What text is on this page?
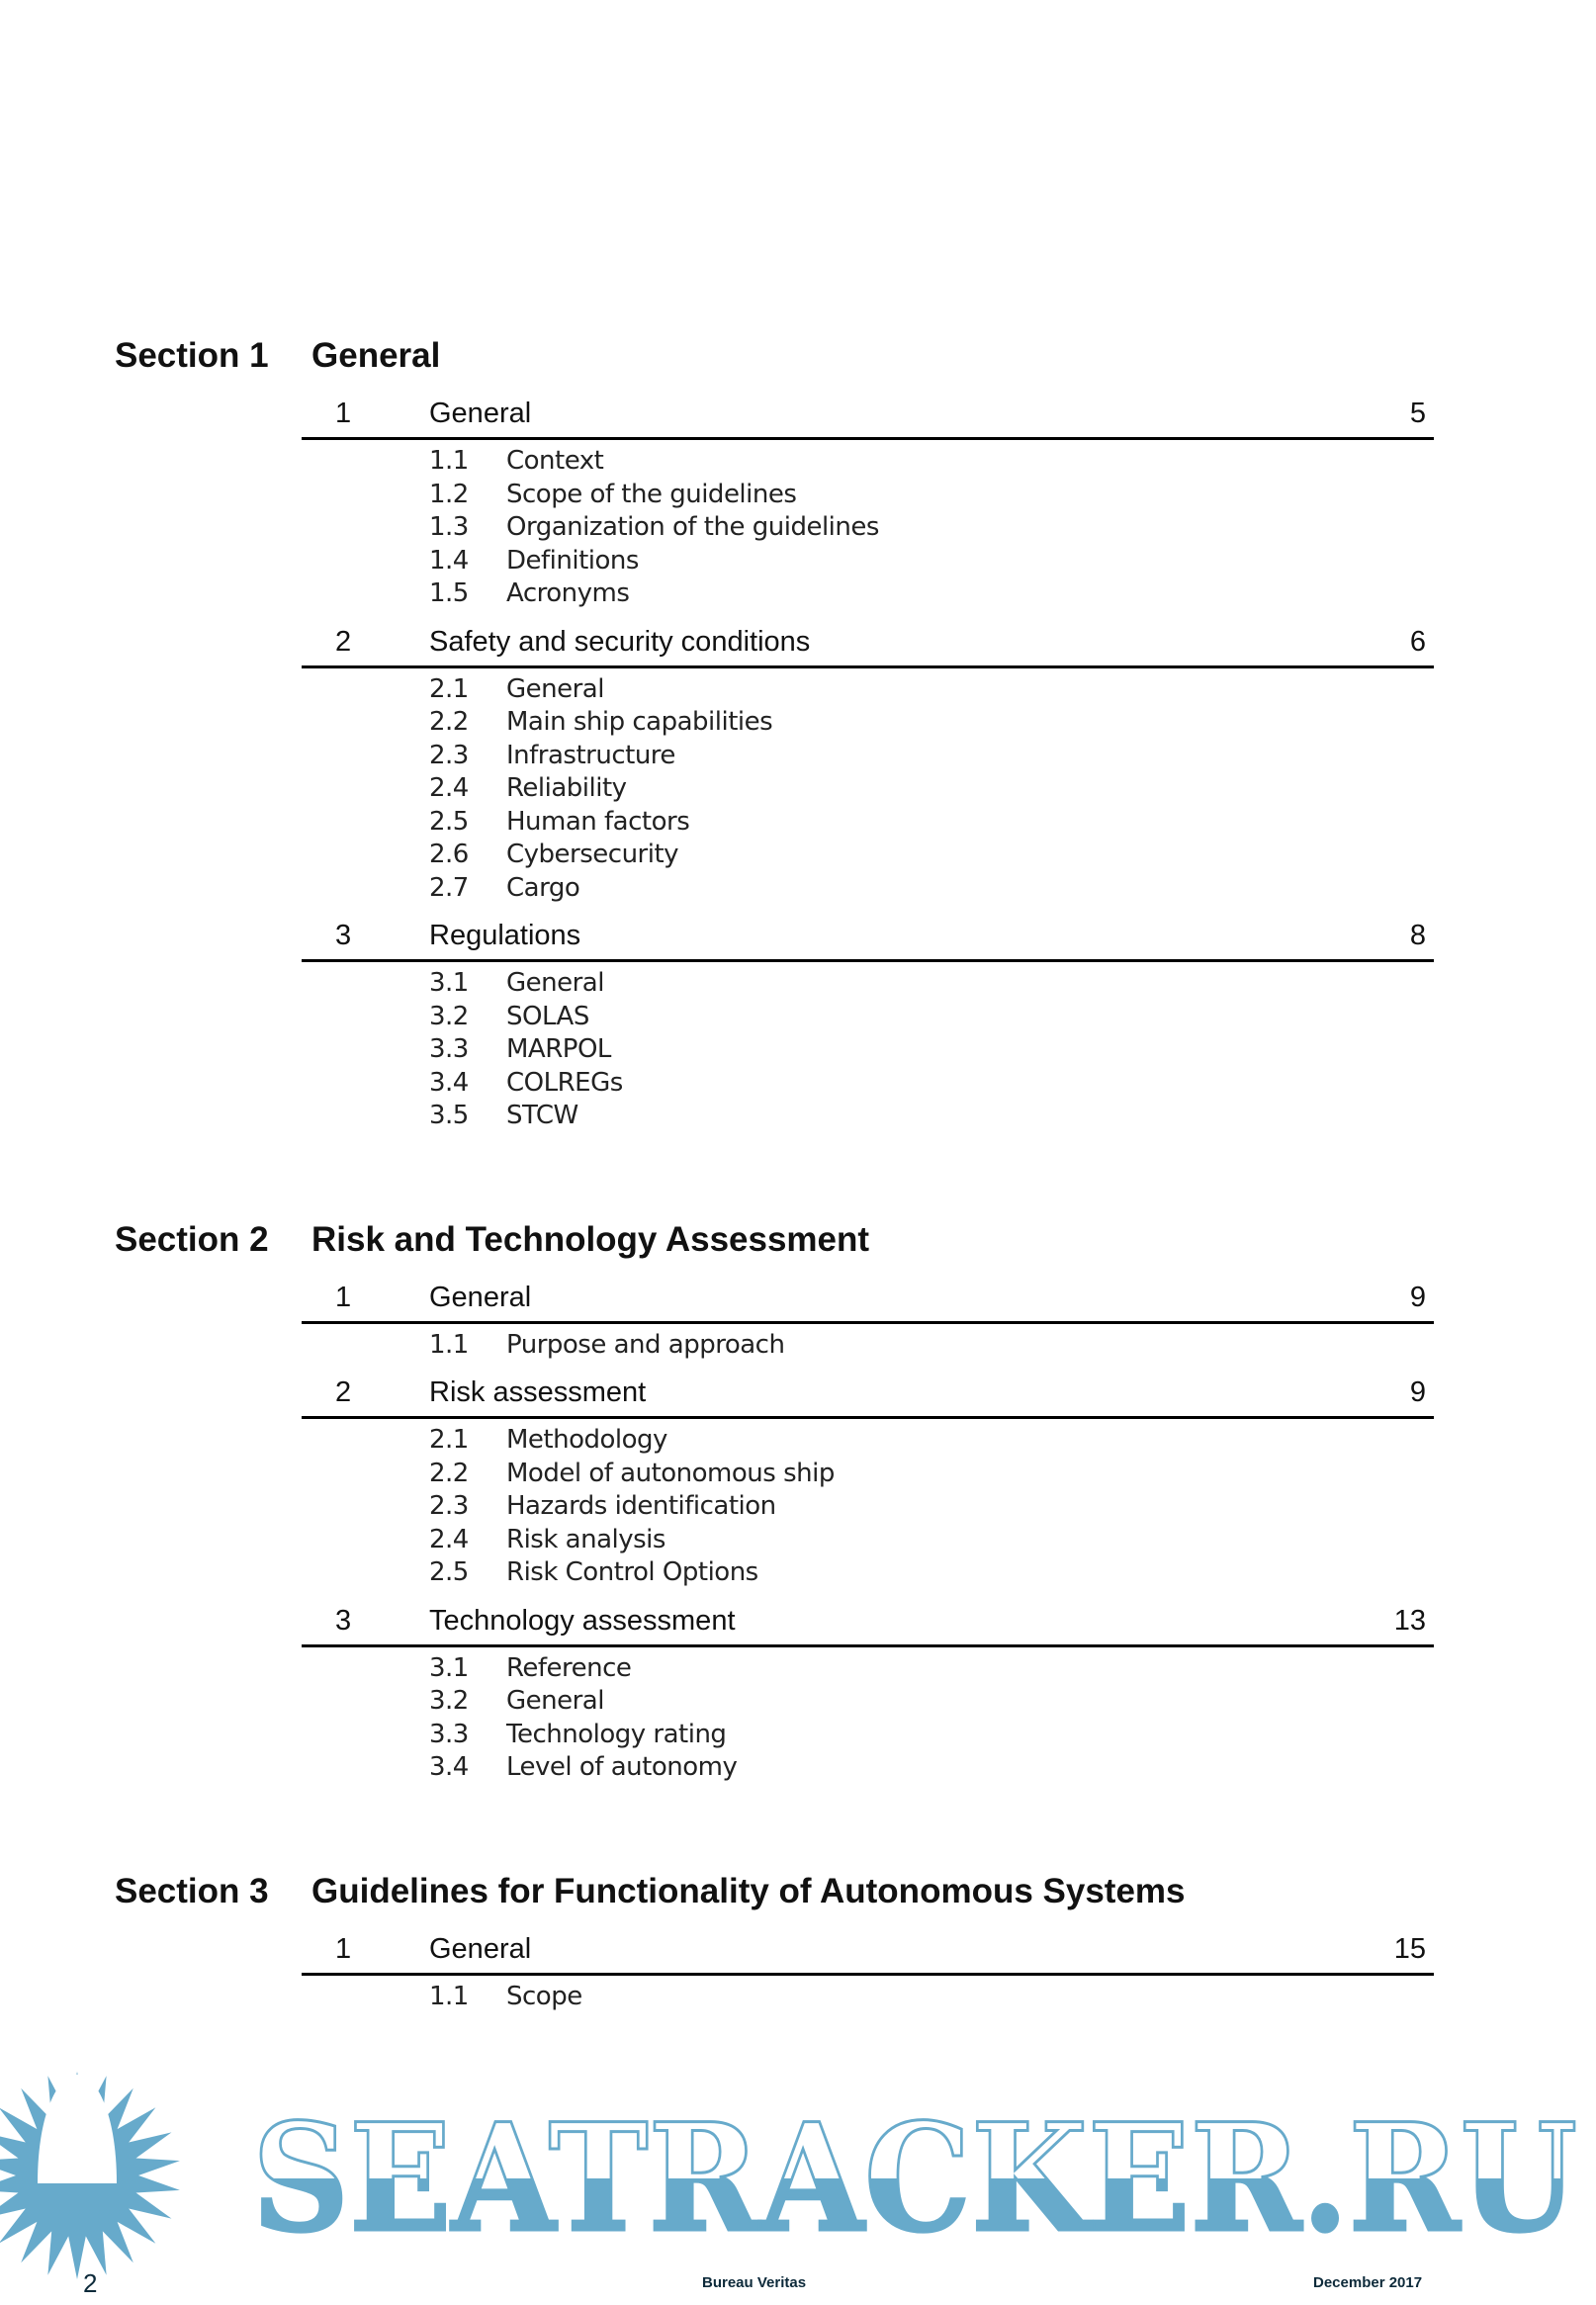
Section 1 General
1	General	5
1.1 Context
1.2 Scope of the guidelines
1.3 Organization of the guidelines
1.4 Definitions
1.5 Acronyms
2	Safety and security conditions	6
2.1 General
2.2 Main ship capabilities
2.3 Infrastructure
2.4 Reliability
2.5 Human factors
2.6 Cybersecurity
2.7 Cargo
3	Regulations	8
3.1 General
3.2 SOLAS
3.3 MARPOL
3.4 COLREGs
3.5 STCW
Section 2 Risk and Technology Assessment
1	General	9
1.1 Purpose and approach
2	Risk assessment	9
2.1 Methodology
2.2 Model of autonomous ship
2.3 Hazards identification
2.4 Risk analysis
2.5 Risk Control Options
3	Technology assessment	13
3.1 Reference
3.2 General
3.3 Technology rating
3.4 Level of autonomy
Section 3 Guidelines for Functionality of Autonomous Systems
1	General	15
1.1 Scope
SEATRACKER.RU
2	Bureau Veritas	December 2017
